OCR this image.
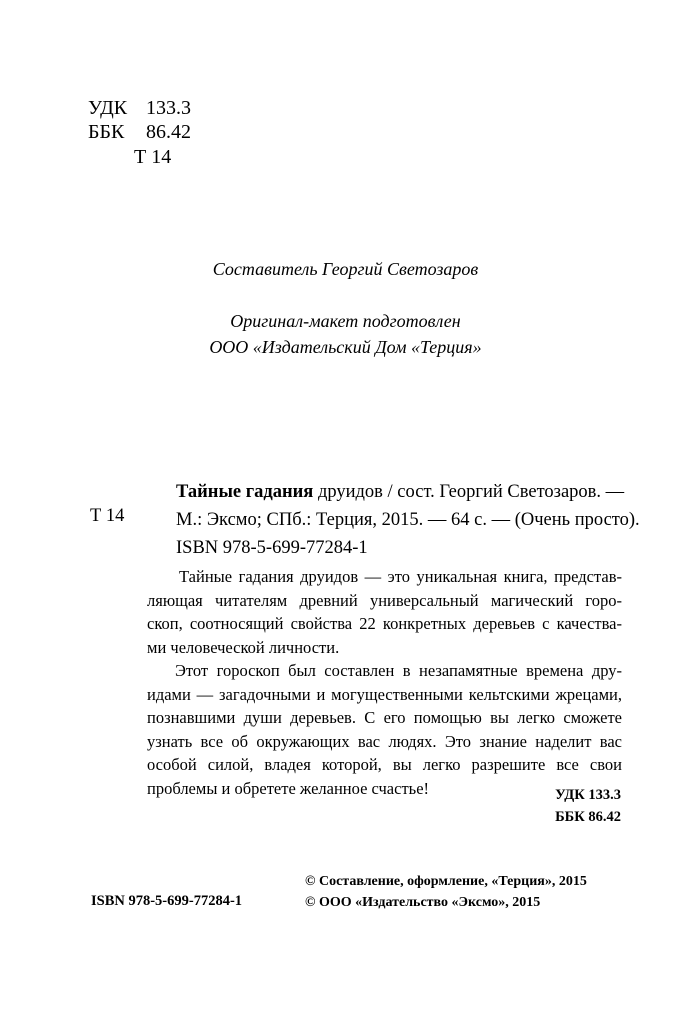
УДК 133.3
ББК 86.42
Т 14
Составитель Георгий Светозаров
Оригинал-макет подготовлен
ООО «Издательский Дом «Терция»
Т 14
Тайные гадания друидов / сост. Георгий Светозаров. —
М.: Эксмо; СПб.: Терция, 2015. — 64 с. — (Очень просто).
ISBN 978-5-699-77284-1
Тайные гадания друидов — это уникальная книга, представ-
ляющая читателям древний универсальный магический горо-
скоп, соотносящий свойства 22 конкретных деревьев с качества-
ми человеческой личности.
Этот гороскоп был составлен в незапамятные времена дру-
идами — загадочными и могущественными кельтскими жрецами,
познавшими души деревьев. С его помощью вы легко сможете
узнать все об окружающих вас людях. Это знание наделит вас
особой силой, владея которой, вы легко разрешите все свои
проблемы и обретете желанное счастье!	УДК 133.3
ББК 86.42
© Составление, оформление, «Терция», 2015
© ООО «Издательство «Эксмо», 2015
ISBN 978-5-699-77284-1
